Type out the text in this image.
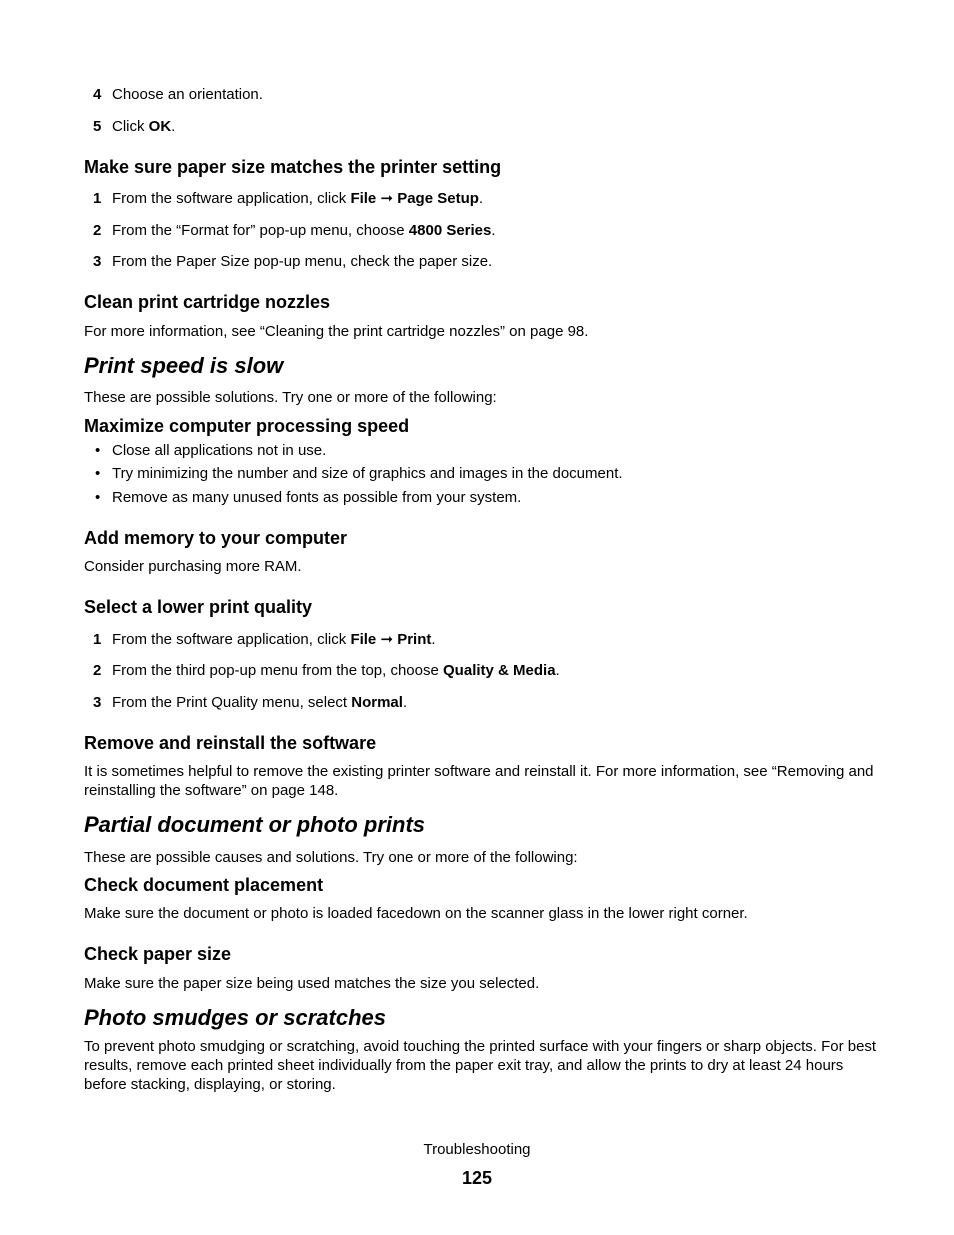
4 Choose an orientation.
5 Click OK.
Make sure paper size matches the printer setting
1 From the software application, click File ➞ Page Setup.
2 From the “Format for” pop-up menu, choose 4800 Series.
3 From the Paper Size pop-up menu, check the paper size.
Clean print cartridge nozzles
For more information, see “Cleaning the print cartridge nozzles” on page 98.
Print speed is slow
These are possible solutions. Try one or more of the following:
Maximize computer processing speed
• Close all applications not in use.
• Try minimizing the number and size of graphics and images in the document.
• Remove as many unused fonts as possible from your system.
Add memory to your computer
Consider purchasing more RAM.
Select a lower print quality
1 From the software application, click File ➞ Print.
2 From the third pop-up menu from the top, choose Quality & Media.
3 From the Print Quality menu, select Normal.
Remove and reinstall the software
It is sometimes helpful to remove the existing printer software and reinstall it. For more information, see “Removing and reinstalling the software” on page 148.
Partial document or photo prints
These are possible causes and solutions. Try one or more of the following:
Check document placement
Make sure the document or photo is loaded facedown on the scanner glass in the lower right corner.
Check paper size
Make sure the paper size being used matches the size you selected.
Photo smudges or scratches
To prevent photo smudging or scratching, avoid touching the printed surface with your fingers or sharp objects. For best results, remove each printed sheet individually from the paper exit tray, and allow the prints to dry at least 24 hours before stacking, displaying, or storing.
Troubleshooting
125
